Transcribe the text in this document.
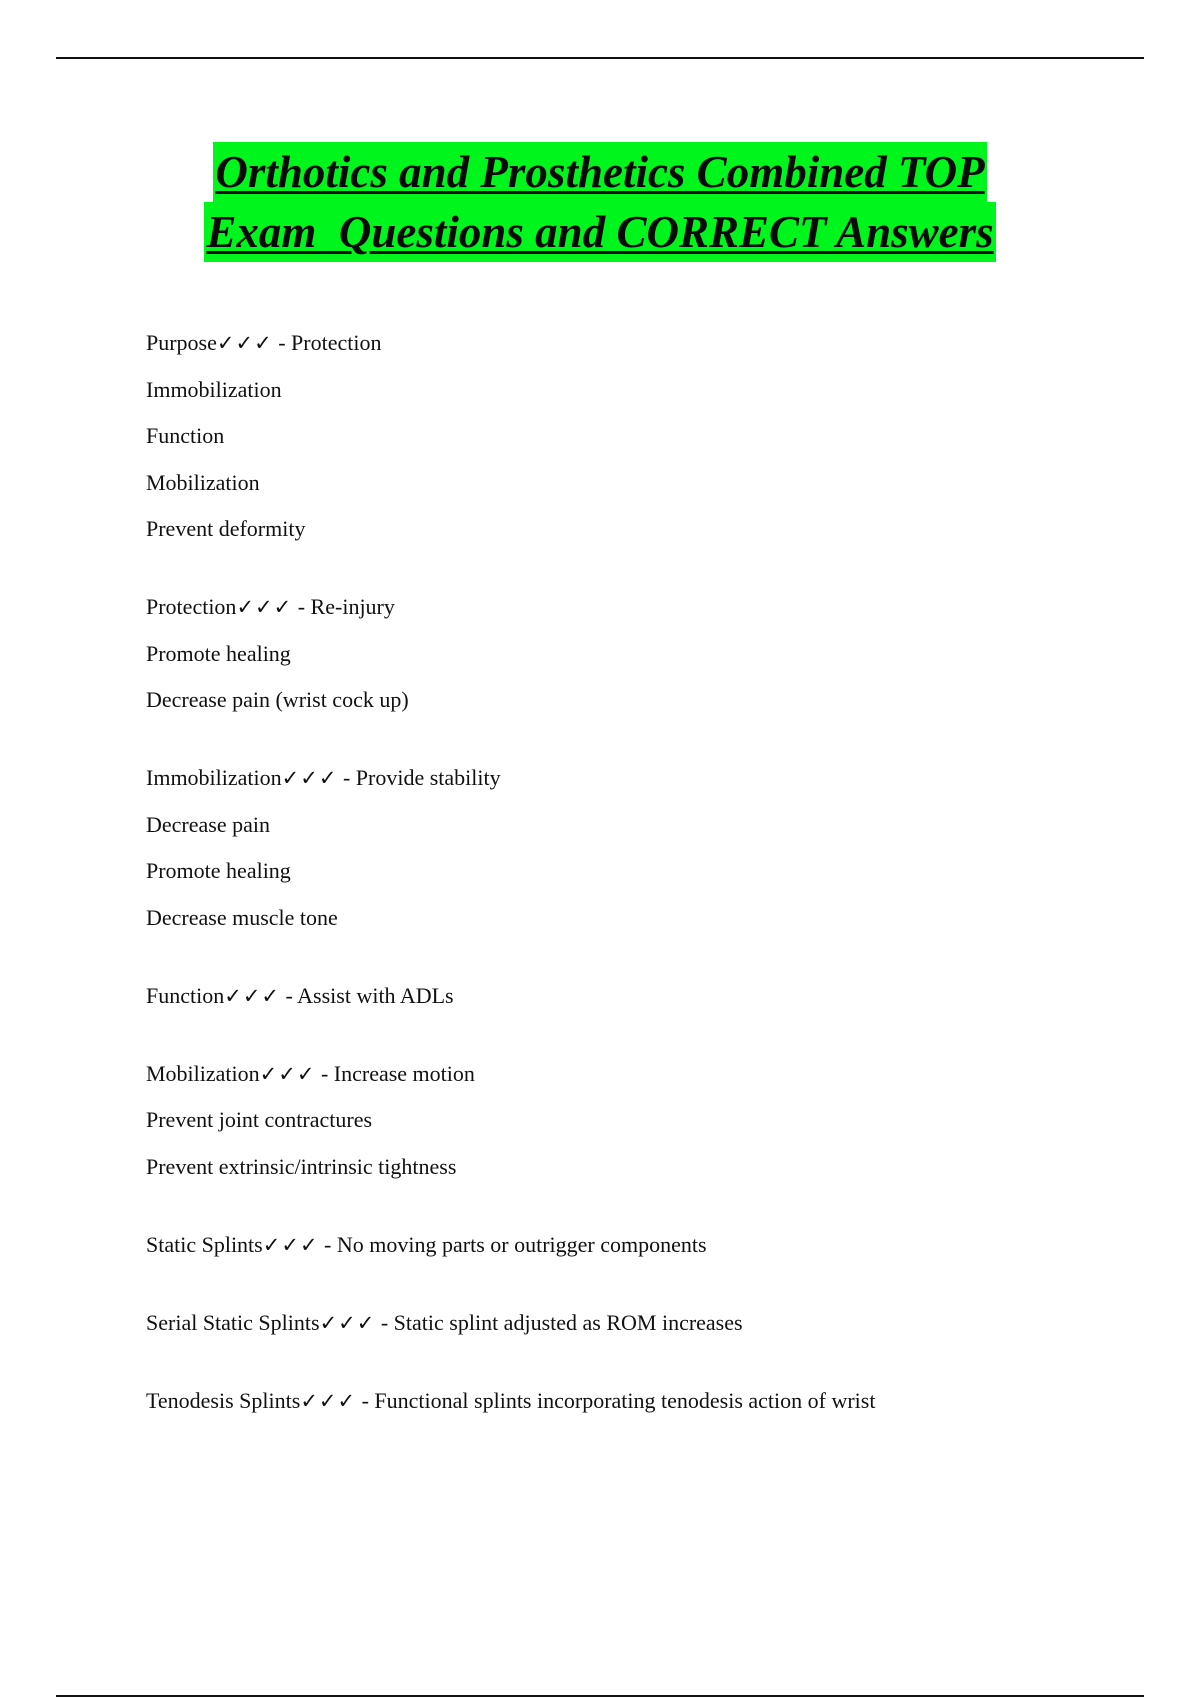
Orthotics and Prosthetics Combined TOP
Exam  Questions and CORRECT Answers
Purpose✓✓✓ - Protection
Immobilization
Function
Mobilization
Prevent deformity
Protection✓✓✓ - Re-injury
Promote healing
Decrease pain (wrist cock up)
Immobilization✓✓✓ - Provide stability
Decrease pain
Promote healing
Decrease muscle tone
Function✓✓✓ - Assist with ADLs
Mobilization✓✓✓ - Increase motion
Prevent joint contractures
Prevent extrinsic/intrinsic tightness
Static Splints✓✓✓ - No moving parts or outrigger components
Serial Static Splints✓✓✓ - Static splint adjusted as ROM increases
Tenodesis Splints✓✓✓ - Functional splints incorporating tenodesis action of wrist
